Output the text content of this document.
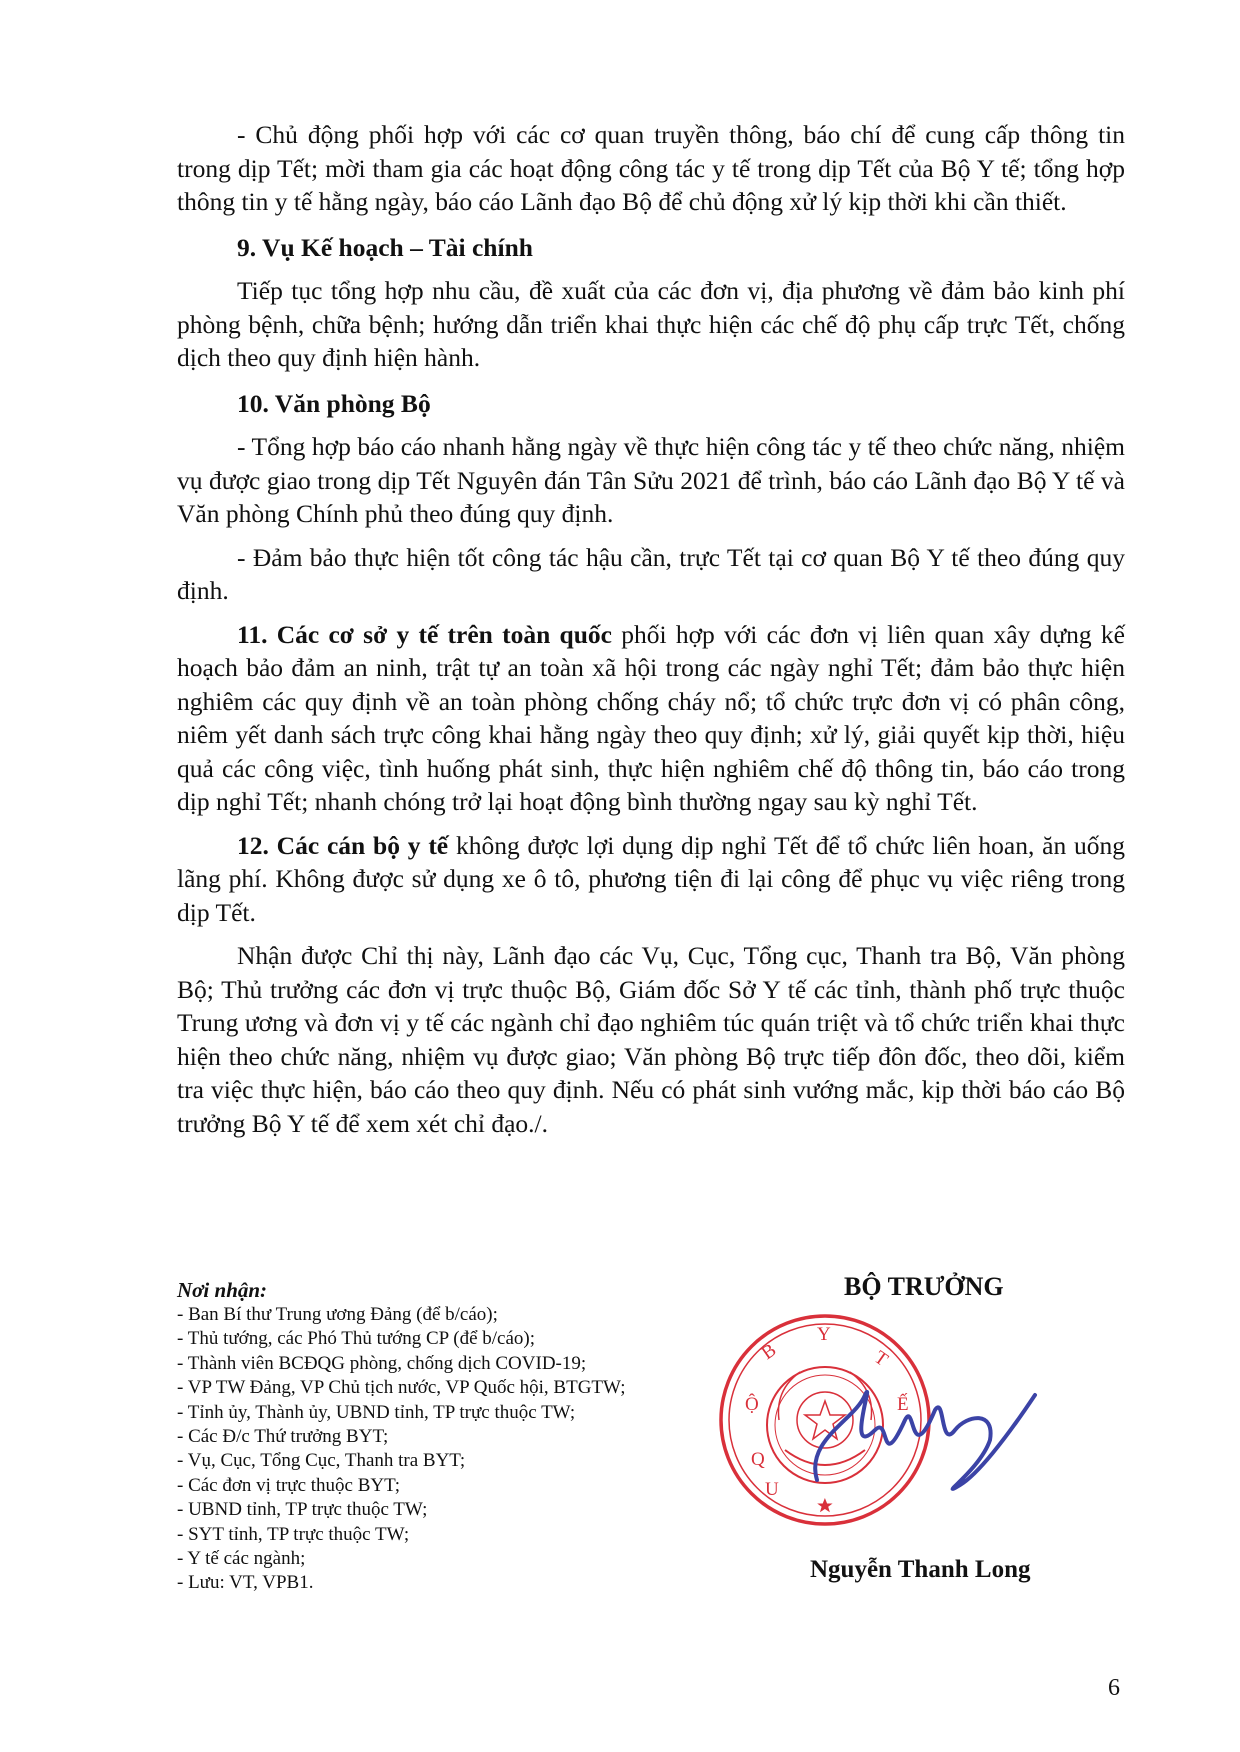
- Chủ động phối hợp với các cơ quan truyền thông, báo chí để cung cấp thông tin trong dịp Tết; mời tham gia các hoạt động công tác y tế trong dịp Tết của Bộ Y tế; tổng hợp thông tin y tế hằng ngày, báo cáo Lãnh đạo Bộ để chủ động xử lý kịp thời khi cần thiết.

9. Vụ Kế hoạch – Tài chính

Tiếp tục tổng hợp nhu cầu, đề xuất của các đơn vị, địa phương về đảm bảo kinh phí phòng bệnh, chữa bệnh; hướng dẫn triển khai thực hiện các chế độ phụ cấp trực Tết, chống dịch theo quy định hiện hành.

10. Văn phòng Bộ

- Tổng hợp báo cáo nhanh hằng ngày về thực hiện công tác y tế theo chức năng, nhiệm vụ được giao trong dịp Tết Nguyên đán Tân Sửu 2021 để trình, báo cáo Lãnh đạo Bộ Y tế và Văn phòng Chính phủ theo đúng quy định.

- Đảm bảo thực hiện tốt công tác hậu cần, trực Tết tại cơ quan Bộ Y tế theo đúng quy định.

11. Các cơ sở y tế trên toàn quốc phối hợp với các đơn vị liên quan xây dựng kế hoạch bảo đảm an ninh, trật tự an toàn xã hội trong các ngày nghỉ Tết; đảm bảo thực hiện nghiêm các quy định về an toàn phòng chống cháy nổ; tổ chức trực đơn vị có phân công, niêm yết danh sách trực công khai hằng ngày theo quy định; xử lý, giải quyết kịp thời, hiệu quả các công việc, tình huống phát sinh, thực hiện nghiêm chế độ thông tin, báo cáo trong dịp nghỉ Tết; nhanh chóng trở lại hoạt động bình thường ngay sau kỳ nghỉ Tết.

12. Các cán bộ y tế không được lợi dụng dịp nghỉ Tết để tổ chức liên hoan, ăn uống lãng phí. Không được sử dụng xe ô tô, phương tiện đi lại công để phục vụ việc riêng trong dịp Tết.

Nhận được Chỉ thị này, Lãnh đạo các Vụ, Cục, Tổng cục, Thanh tra Bộ, Văn phòng Bộ; Thủ trưởng các đơn vị trực thuộc Bộ, Giám đốc Sở Y tế các tỉnh, thành phố trực thuộc Trung ương và đơn vị y tế các ngành chỉ đạo nghiêm túc quán triệt và tổ chức triển khai thực hiện theo chức năng, nhiệm vụ được giao; Văn phòng Bộ trực tiếp đôn đốc, theo dõi, kiểm tra việc thực hiện, báo cáo theo quy định. Nếu có phát sinh vướng mắc, kịp thời báo cáo Bộ trưởng Bộ Y tế để xem xét chỉ đạo./.

Nơi nhận:
- Ban Bí thư Trung ương Đảng (để b/cáo);
- Thủ tướng, các Phó Thủ tướng CP (để b/cáo);
- Thành viên BCĐQG phòng, chống dịch COVID-19;
- VP TW Đảng, VP Chủ tịch nước, VP Quốc hội, BTGTW;
- Tỉnh ủy, Thành ủy, UBND tỉnh, TP trực thuộc TW;
- Các Đ/c Thứ trưởng BYT;
- Vụ, Cục, Tổng Cục, Thanh tra BYT;
- Các đơn vị trực thuộc BYT;
- UBND tỉnh, TP trực thuộc TW;
- SYT tỉnh, TP trực thuộc TW;
- Y tế các ngành;
- Lưu: VT, VPB1.
BỘ TRƯỞNG
B
Ộ
Y
T
Ế
Q
U
Nguyễn Thanh Long
6
